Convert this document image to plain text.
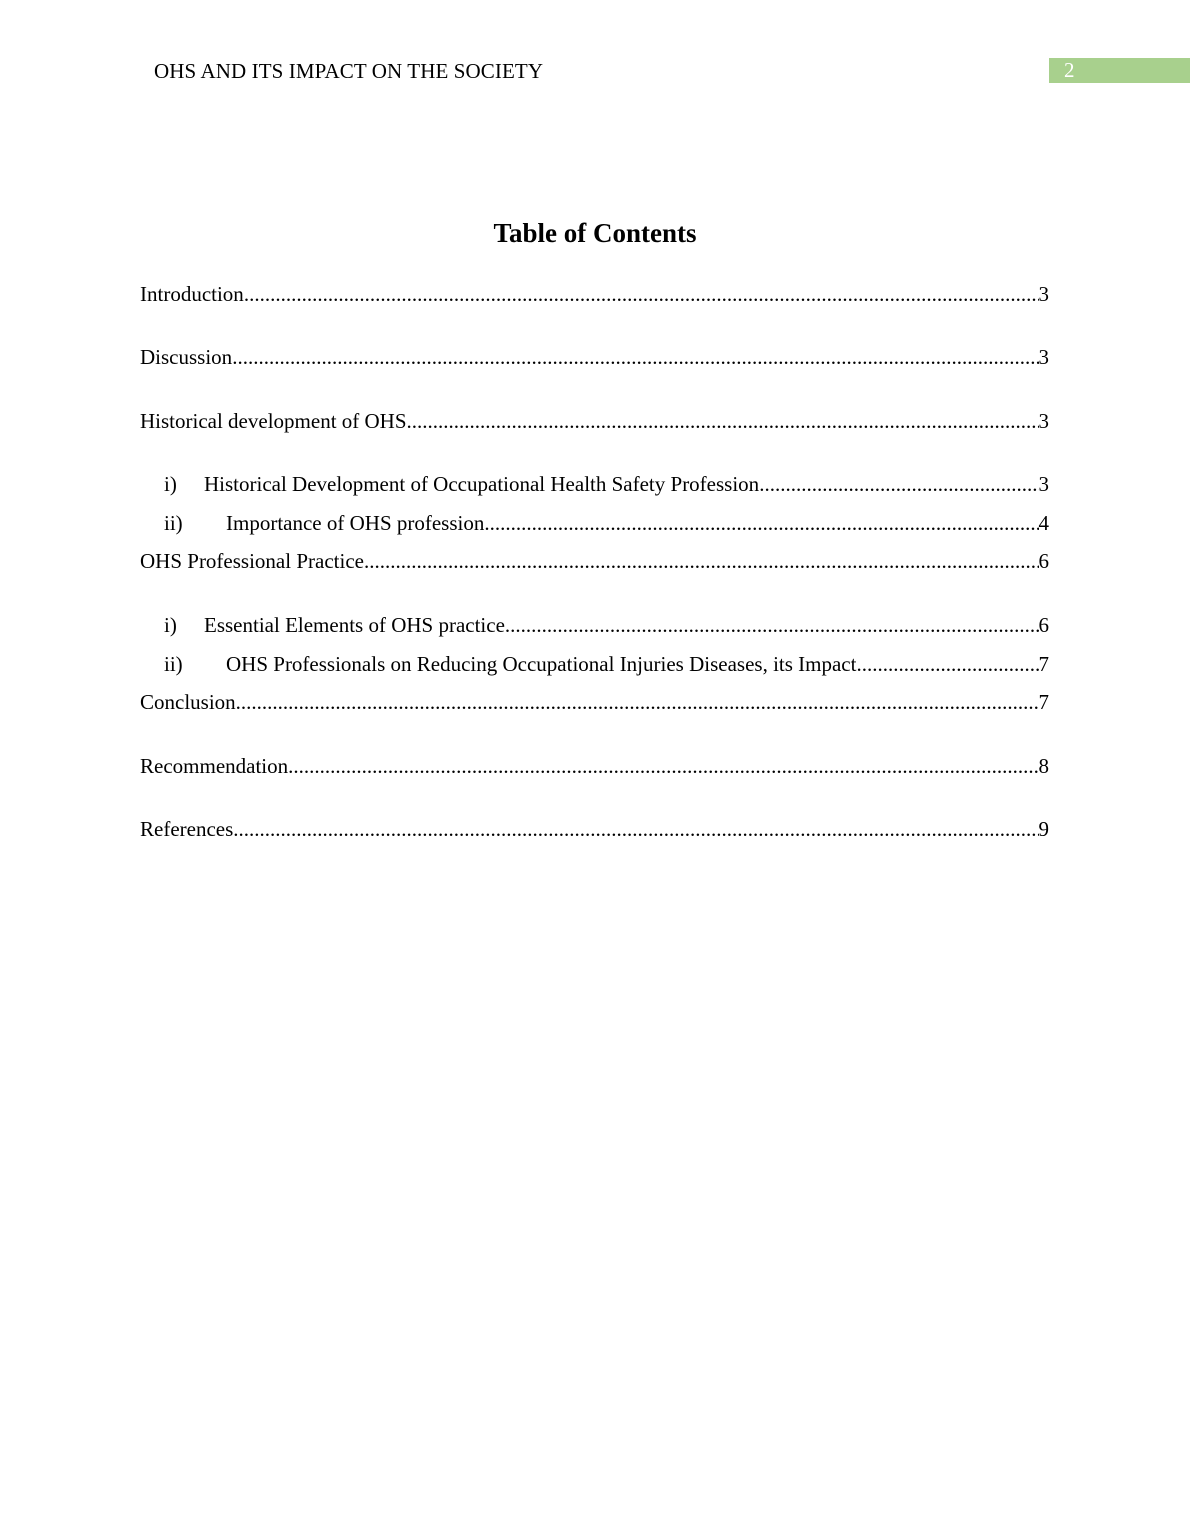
OHS AND ITS IMPACT ON THE SOCIETY	2
Table of Contents
Introduction .....	3
Discussion .....	3
Historical development of OHS .....	3
i)	Historical Development of Occupational Health Safety Profession .....	3
ii)	Importance of OHS profession .....	4
OHS Professional Practice .....	6
i)	Essential Elements of OHS practice .....	6
ii)	OHS Professionals on Reducing Occupational Injuries Diseases, its Impact .....	7
Conclusion .....	7
Recommendation .....	8
References .....	9
